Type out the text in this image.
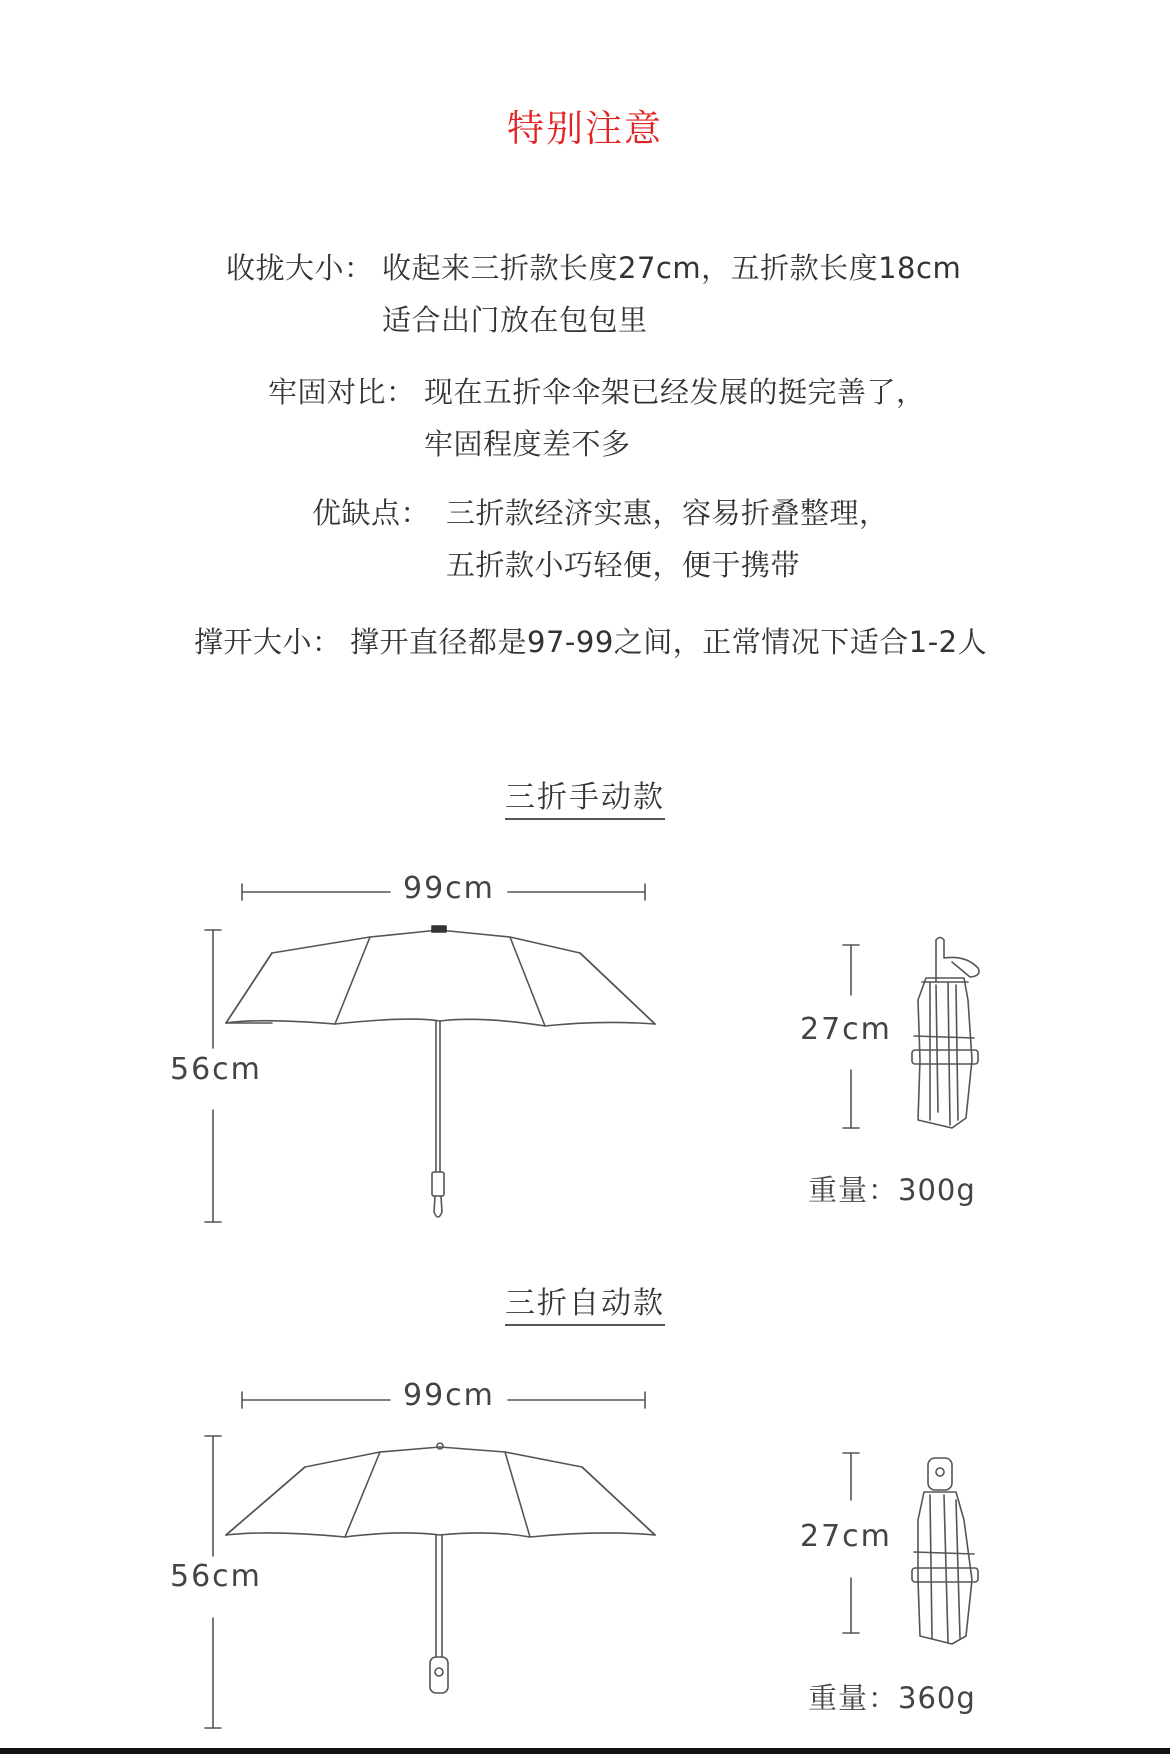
特别注意
收拢大小： 收起来三折款长度27cm，五折款长度18cm
适合出门放在包包里
牢固对比： 现在五折伞伞架已经发展的挺完善了，
牢固程度差不多
优缺点： 三折款经济实惠，容易折叠整理，
五折款小巧轻便，便于携带
撑开大小： 撑开直径都是97-99之间，正常情况下适合1-2人
三折手动款
99cm
56cm
27cm
重量：300g
三折自动款
99cm
56cm
27cm
重量：360g
